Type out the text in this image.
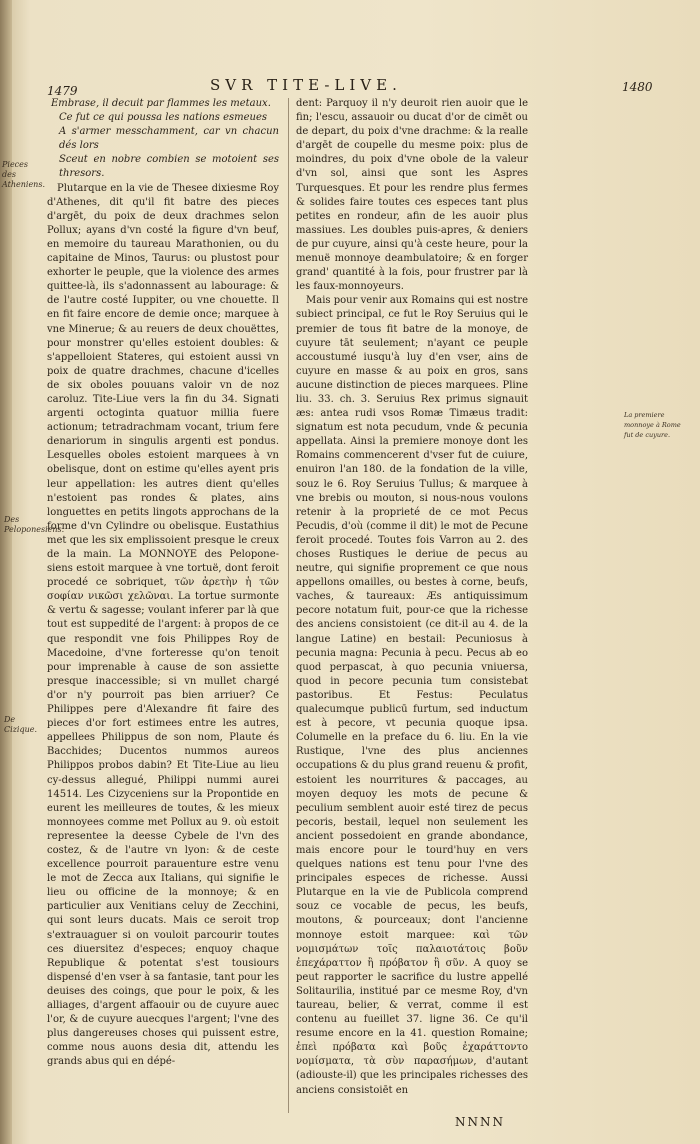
1479	SVR TITE-LIVE.	1480

Embrase, il decuit par flammes les metaux.

Ce fut ce qui poussa les nations esmeues

A s'armer messchamment, car vn chacun dés lors

Sceut en nobre combien se motoient ses thresors.

Plutarque en la vie de Thesee dixiesme Roy d'Athenes, dit qu'il fit batre des pieces d'argēt, du poix de deux drachmes selon Pollux; ayans d'vn costé la figure d'vn beuf, en memoire du taureau Marathonien, ou du capitaine de Minos, Taurus: ou plustost pour exhorter le peuple, que la violence des armes quittee-là, ils s'adonnassent au labourage: & de l'autre costé Iuppiter, ou vne chouette. Il en fit faire encore de demie once; marquee à vne Minerue; & au reuers de deux chouëttes, pour monstrer qu'elles estoient doubles: & s'appelloient Stateres, qui estoient aussi vn poix de quatre drachmes, chacune d'icelles de six oboles pouuans valoir vn de noz caroluz. Tite-Liue vers la fin du 34. Signati argenti octoginta quatuor millia fuere actionum; tetradrachmam vocant, trium fere denariorum in singulis argenti est pondus. Lesquelles oboles estoient marquees à vn obelisque, dont on estime qu'elles ayent pris leur appellation: les autres dient qu'elles n'estoient pas rondes & plates, ains longuettes en petits lingots approchans de la forme d'vn Cylindre ou obelisque. Eustathius met que les six emplissoient presque le creux de la main. La MONNOYE des Pelopone-siens estoit marquee à vne tortuë, dont feroit procedé ce sobriquet, τῶν ἀρετὴν ἡ τῶν σοφίαν νικῶσι χελῶναι. La tortue surmonte & vertu & sagesse; voulant inferer par là que tout est suppedité de l'argent: à propos de ce que respondit vne fois Philippes Roy de Macedoine, d'vne forteresse qu'on tenoit pour imprenable à cause de son assiette presque inaccessible; si vn mullet chargé d'or n'y pourroit pas bien arriuer? Ce Philippes pere d'Alexandre fit faire des pieces d'or fort estimees entre les autres, appellees Philippus de son nom, Plaute és Bacchides; Ducentos nummos aureos Philippos probos dabin? Et Tite-Liue au lieu cy-dessus allegué, Philippi nummi aurei 14514. Les Cizyceniens sur la Propontide en eurent les meilleures de toutes, & les mieux monnoyees comme met Pollux au 9. où estoit representee la deesse Cybele de l'vn des costez, & de l'autre vn lyon: & de ceste excellence pourroit parauenture estre venu le mot de Zecca aux Italians, qui signifie le lieu ou officine de la monnoye; & en particulier aux Venitians celuy de Zecchini, qui sont leurs ducats. Mais ce seroit trop s'extrauaguer si on vouloit parcourir toutes ces diuersitez d'especes; enquoy chaque Republique & potentat s'est tousiours dispensé d'en vser à sa fantasie, tant pour les deuises des coings, que pour le poix, & les alliages, d'argent affaouir ou de cuyure auec l'or, & de cuyure auecques l'argent; l'vne des plus dangereuses choses qui puissent estre, comme nous auons desia dit, attendu les grands abus qui en dépé-

dent: Parquoy il n'y deuroit rien auoir que le fin; l'escu, assauoir ou ducat d'or de cimēt ou de depart, du poix d'vne drachme: & la realle d'argēt de coupelle du mesme poix: plus de moindres, du poix d'vne obole de la valeur d'vn sol, ainsi que sont les Aspres Turquesques. Et pour les rendre plus fermes & solides faire toutes ces especes tant plus petites en rondeur, afin de les auoir plus massiues. Les doubles puis-apres, & deniers de pur cuyure, ainsi qu'à ceste heure, pour la menuë monnoye deambulatoire; & en forger grand' quantité à la fois, pour frustrer par là les faux-monnoyeurs.

Mais pour venir aux Romains qui est nostre subiect principal, ce fut le Roy Seruius qui le premier de tous fit batre de la monoye, de cuyure tāt seulement; n'ayant ce peuple accoustumé iusqu'à luy d'en vser, ains de cuyure en masse & au poix en gros, sans aucune distinction de pieces marquees. Pline liu. 33. ch. 3. Seruius Rex primus signauit æs: antea rudi vsos Romæ Timæus tradit: signatum est nota pecudum, vnde & pecunia appellata. Ainsi la premiere monoye dont les Romains commencerent d'vser fut de cuiure, enuiron l'an 180. de la fondation de la ville, souz le 6. Roy Seruius Tullus; & marquee à vne brebis ou mouton, si nous-nous voulons retenir à la proprieté de ce mot Pecus Pecudis, d'où (comme il dit) le mot de Pecune feroit procedé. Toutes fois Varron au 2. des choses Rustiques le deriue de pecus au neutre, qui signifie proprement ce que nous appellons omailles, ou bestes à corne, beufs, vaches, & taureaux: Æs antiquissimum pecore notatum fuit, pour-ce que la richesse des anciens consistoient (ce dit-il au 4. de la langue Latine) en bestail: Pecuniosus à pecunia magna: Pecunia à pecu. Pecus ab eo quod perpascat, à quo pecunia vniuersa, quod in pecore pecunia tum consistebat pastoribus. Et Festus: Peculatus qualecumque publicū furtum, sed inductum est à pecore, vt pecunia quoque ipsa. Columelle en la preface du 6. liu. En la vie Rustique, l'vne des plus anciennes occupations & du plus grand reuenu & profit, estoient les nourritures & paccages, au moyen dequoy les mots de pecune & peculium semblent auoir esté tirez de pecus pecoris, bestail, lequel non seulement les ancient possedoient en grande abondance, mais encore pour le tourd'huy en vers quelques nations est tenu pour l'vne des principales especes de richesse. Aussi Plutarque en la vie de Publicola comprend souz ce vocable de pecus, les beufs, moutons, & pourceaux; dont l'ancienne monnoye estoit marquee: καὶ τῶν νομισμάτων τοῖς παλαιοτάτοις βοῦν ἐπεχάραττον ἢ πρόβατον ἢ σῦν. A quoy se peut rapporter le sacrifice du lustre appellé Solitaurilia, institué par ce mesme Roy, d'vn taureau, belier, & verrat, comme il est contenu au fueillet 37. ligne 36. Ce qu'il resume encore en la 41. question Romaine; ἐπεὶ πρόβατα καὶ βοῦς ἐχαράττοντο νομίσματα, τὰ σὺν παρασήμων, d'autant (adiouste-il) que les principales richesses des anciens consistoiēt en

Pieces des Atheniens.
Des Peloponesiens.
De Cizique.
La premiere monnoye à Rome fut de cuyure.
NNNN
